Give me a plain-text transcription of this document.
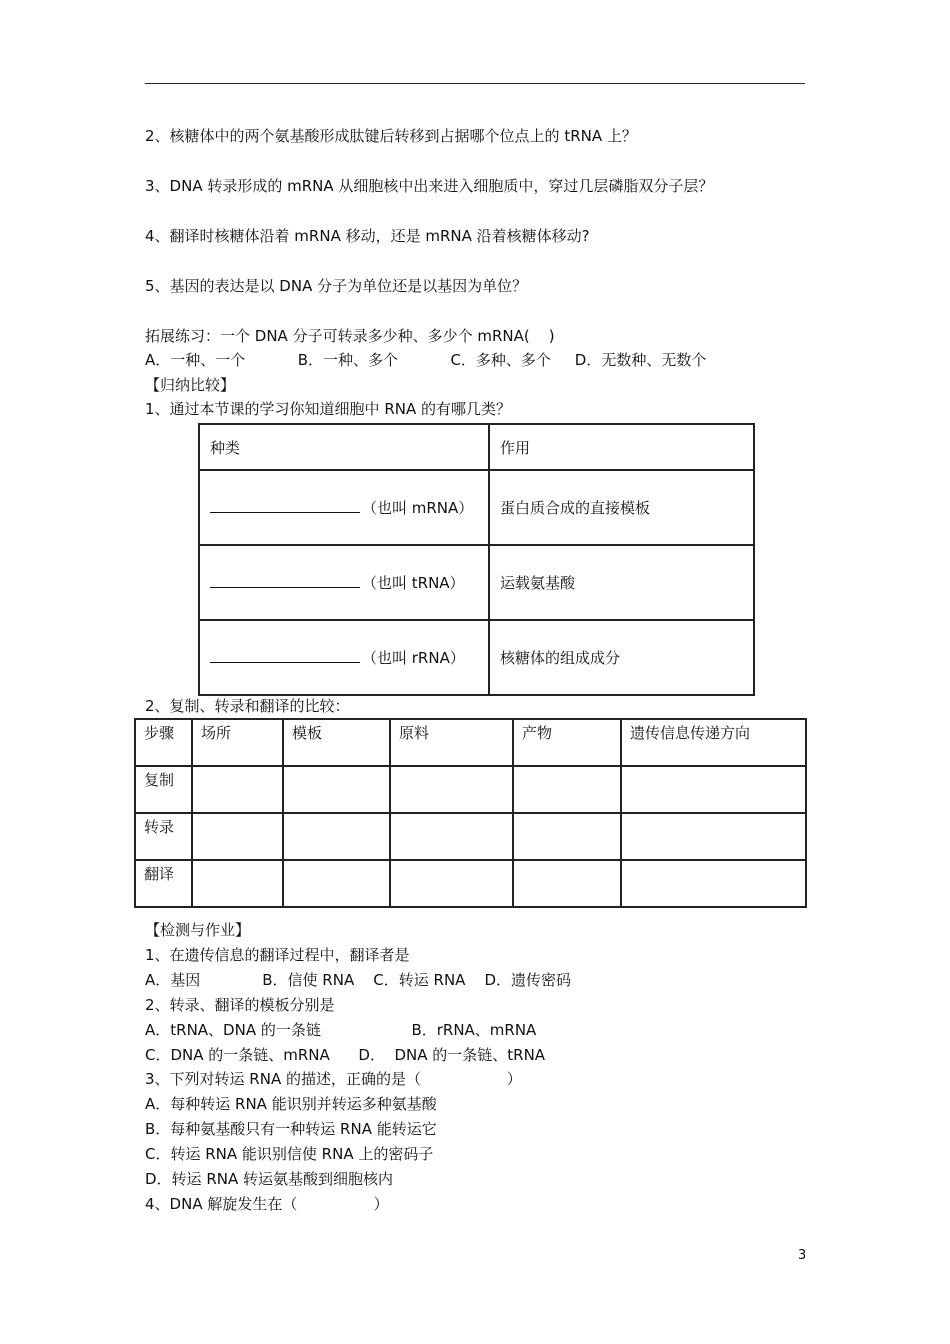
2、核糖体中的两个氨基酸形成肽键后转移到占据哪个位点上的 tRNA 上？
3、DNA 转录形成的 mRNA 从细胞核中出来进入细胞质中，穿过几层磷脂双分子层？
4、翻译时核糖体沿着 mRNA 移动，还是 mRNA 沿着核糖体移动?
5、基因的表达是以 DNA 分子为单位还是以基因为单位？
拓展练习：一个 DNA 分子可转录多少种、多少个 mRNA(    )
A．一种、一个           B．一种、多个           C．多种、多个     D．无数种、无数个
【归纳比较】
1、通过本节课的学习你知道细胞中 RNA 的有哪几类？
种类	作用
（也叫 mRNA）	蛋白质合成的直接模板
（也叫 tRNA）	运载氨基酸
（也叫 rRNA）	核糖体的组成成分
2、复制、转录和翻译的比较：
步骤	场所	模板	原料	产物	遗传信息传递方向
复制					
转录					
翻译					
【检测与作业】
1、在遗传信息的翻译过程中，翻译者是
A．基因             B．信使 RNA    C．转运 RNA    D．遗传密码
2、转录、翻译的模板分别是
A．tRNA、DNA 的一条链                   B．rRNA、mRNA
C．DNA 的一条链、mRNA      D．  DNA 的一条链、tRNA
3、下列对转运 RNA 的描述，正确的是（                  ）
A．每种转运 RNA 能识别并转运多种氨基酸
B．每种氨基酸只有一种转运 RNA 能转运它
C．转运 RNA 能识别信使 RNA 上的密码子
D．转运 RNA 转运氨基酸到细胞核内
4、DNA 解旋发生在（                ）
3
